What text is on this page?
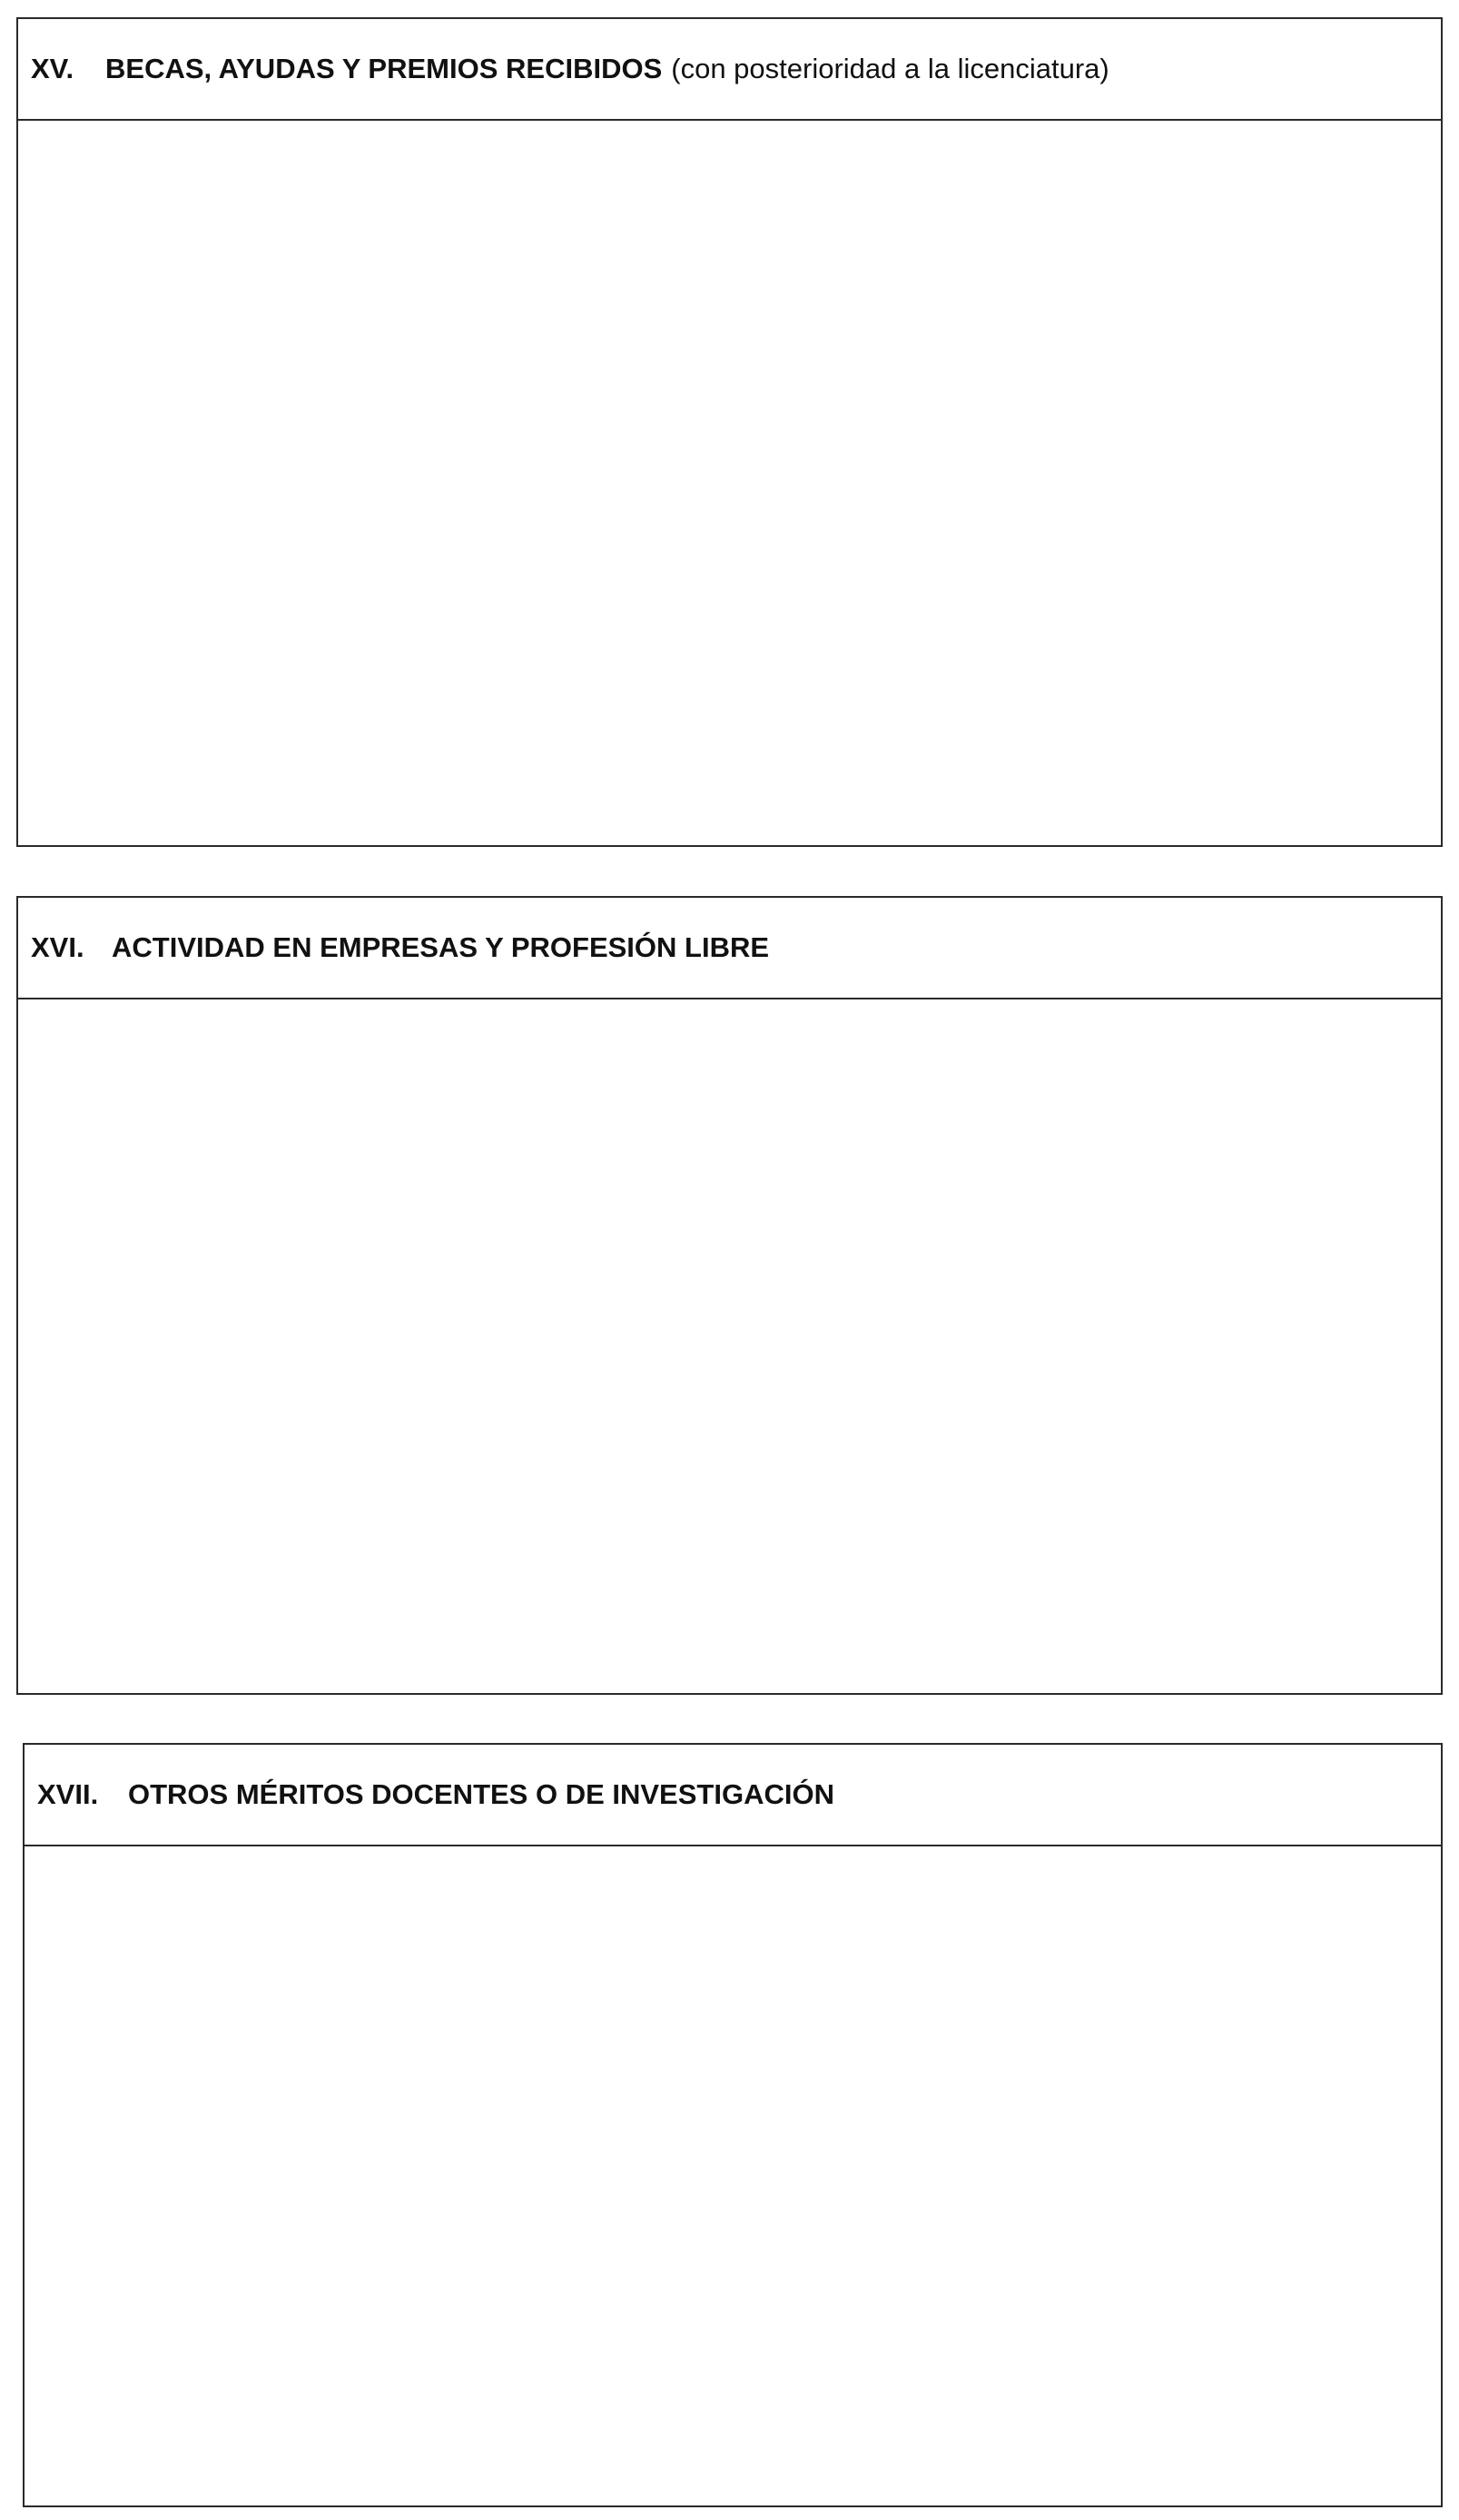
XV.	BECAS, AYUDAS Y PREMIOS RECIBIDOS (con posterioridad a la licenciatura)
XVI. ACTIVIDAD EN EMPRESAS Y PROFESIÓN LIBRE
XVII.	OTROS MÉRITOS DOCENTES O DE INVESTIGACIÓN
